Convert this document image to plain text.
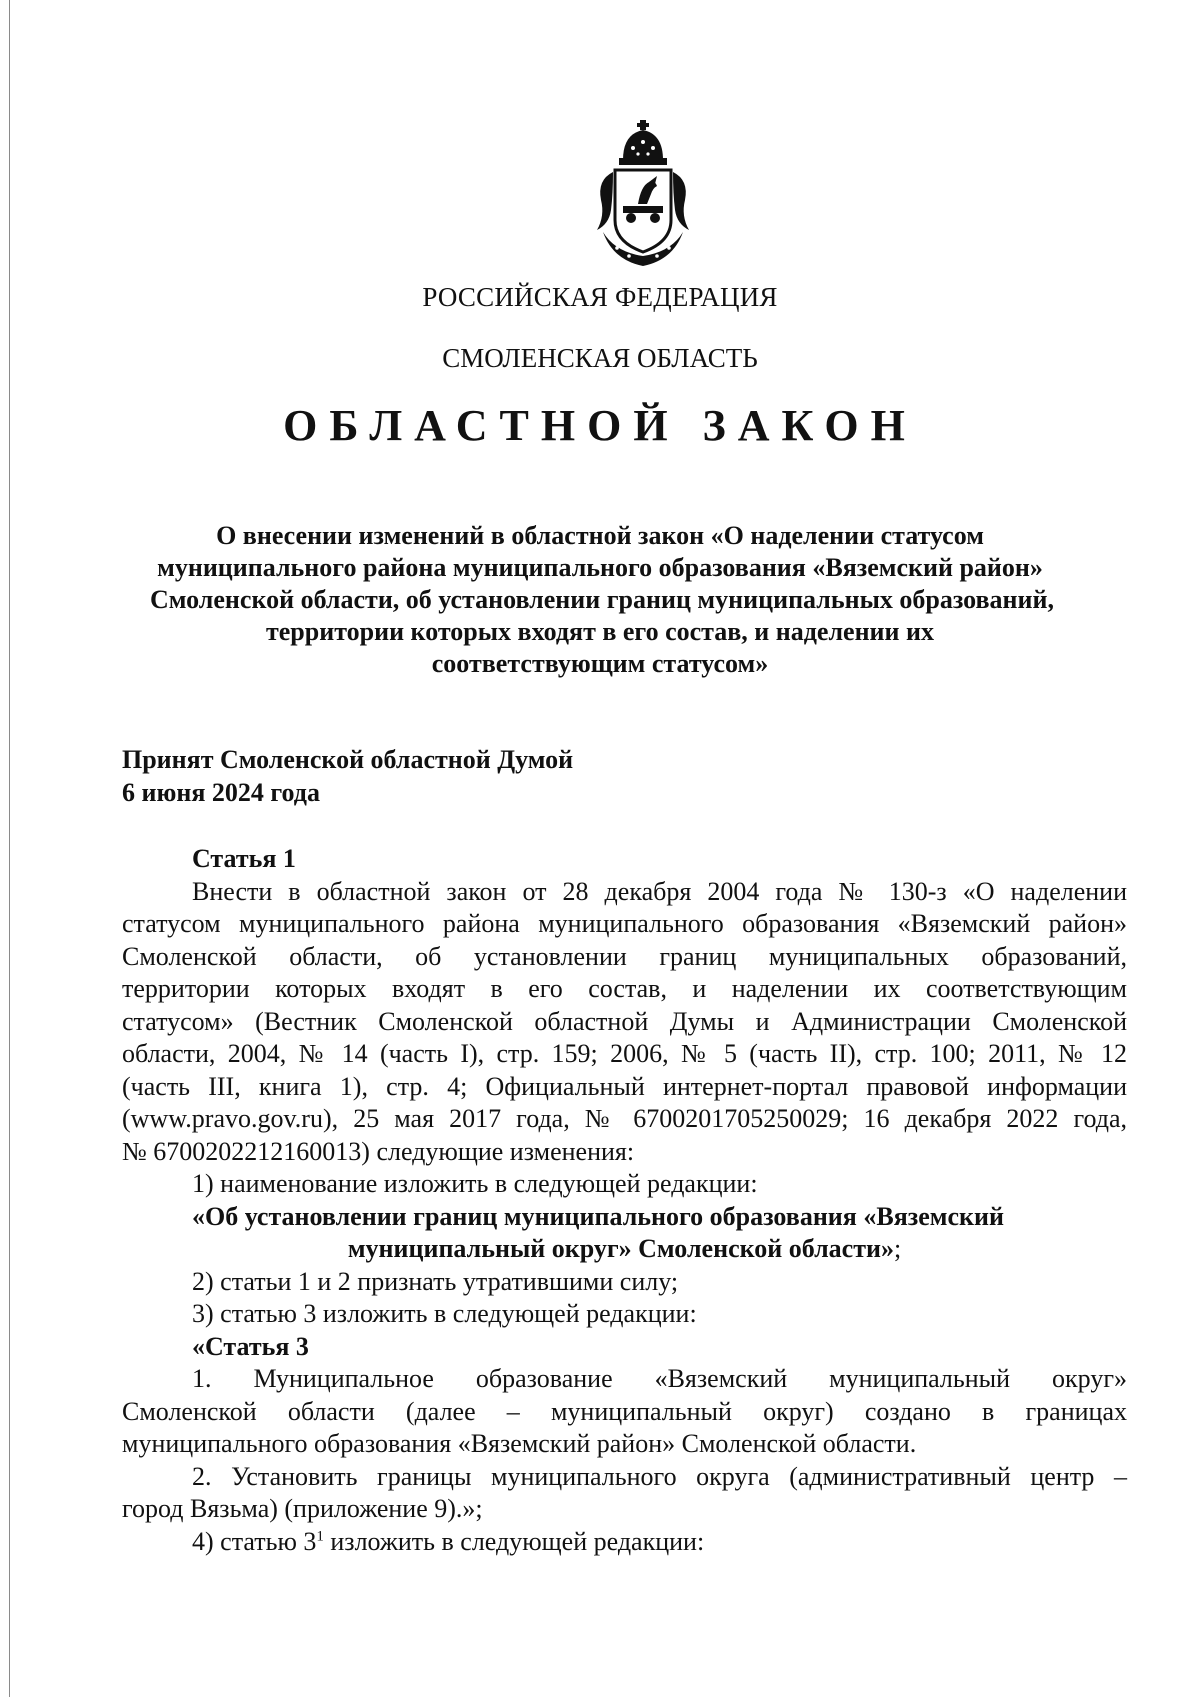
РОССИЙСКАЯ ФЕДЕРАЦИЯ
СМОЛЕНСКАЯ ОБЛАСТЬ
ОБЛАСТНОЙ ЗАКОН
О внесении изменений в областной закон «О наделении статусом
муниципального района муниципального образования «Вяземский район»
Смоленской области, об установлении границ муниципальных образований,
территории которых входят в его состав, и наделении их
соответствующим статусом»
Принят Смоленской областной Думой
6 июня 2024 года
Статья 1
Внести в областной закон от 28 декабря 2004 года № 130-з «О наделении
статусом муниципального района муниципального образования «Вяземский район»
Смоленской области, об установлении границ муниципальных образований,
территории которых входят в его состав, и наделении их соответствующим
статусом» (Вестник Смоленской областной Думы и Администрации Смоленской
области, 2004, № 14 (часть I), стр. 159; 2006, № 5 (часть II), стр. 100; 2011, № 12
(часть III, книга 1), стр. 4; Официальный интернет-портал правовой информации
(www.pravo.gov.ru), 25 мая 2017 года, № 6700201705250029; 16 декабря 2022 года,
№ 6700202212160013) следующие изменения:
1) наименование изложить в следующей редакции:
«Об установлении границ муниципального образования «Вяземский
муниципальный округ» Смоленской области»;
2) статьи 1 и 2 признать утратившими силу;
3) статью 3 изложить в следующей редакции:
«Статья 3
1. Муниципальное образование «Вяземский муниципальный округ»
Смоленской области (далее – муниципальный округ) создано в границах
муниципального образования «Вяземский район» Смоленской области.
2. Установить границы муниципального округа (административный центр –
город Вязьма) (приложение 9).»;
4) статью $3^1$ изложить в следующей редакции:
